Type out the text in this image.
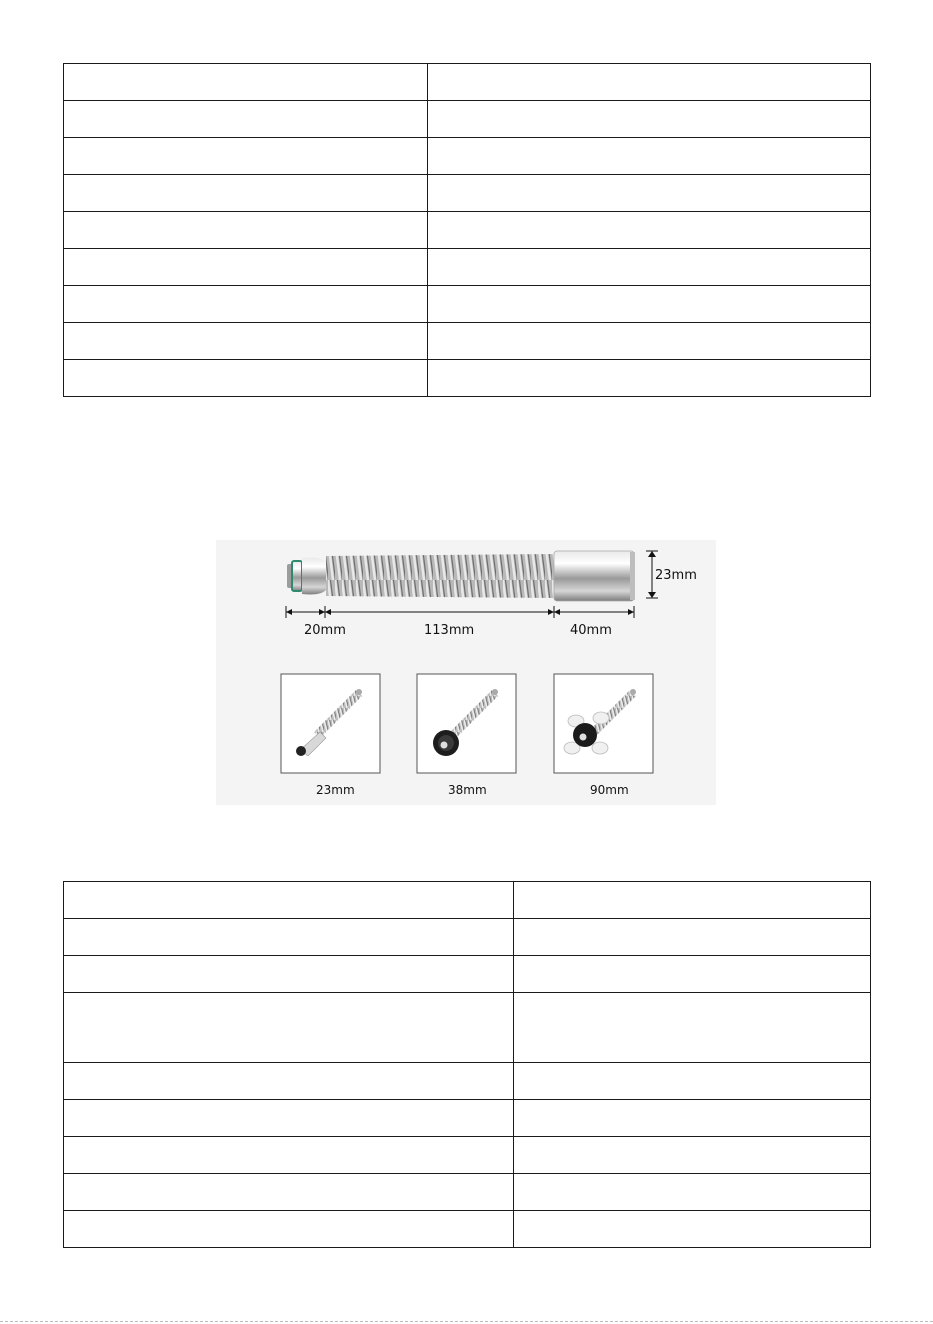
23mm
20mm	113mm	40mm
23mm	38mm	90mm
